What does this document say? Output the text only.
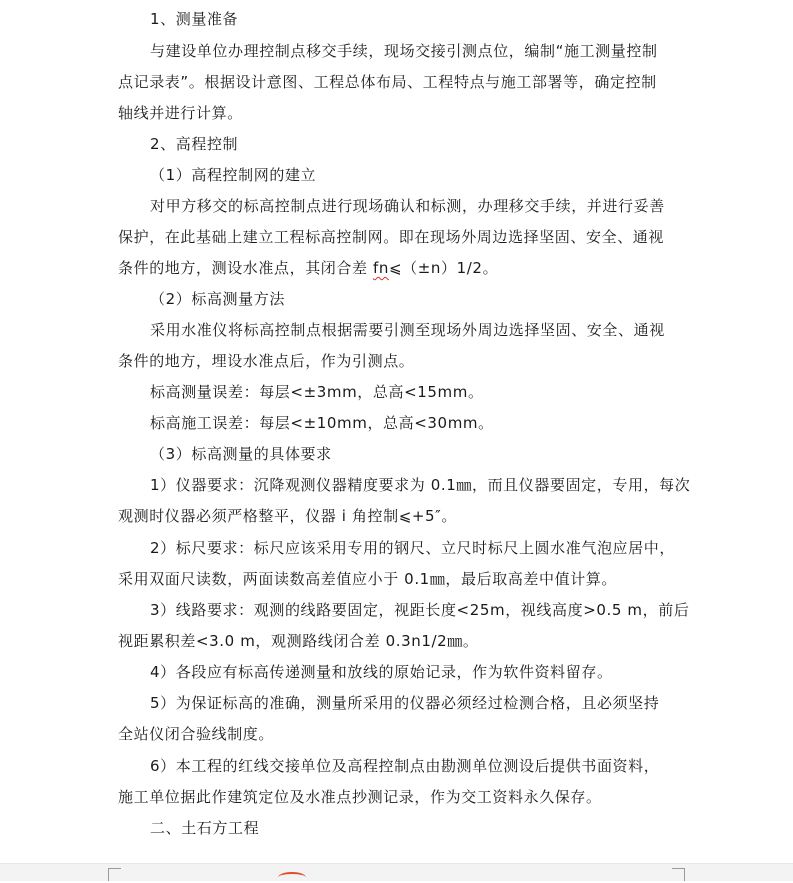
1、测量准备
与建设单位办理控制点移交手续，现场交接引测点位，编制“施工测量控制
点记录表”。根据设计意图、工程总体布局、工程特点与施工部署等，确定控制
轴线并进行计算。
2、高程控制
（1）高程控制网的建立
对甲方移交的标高控制点进行现场确认和标测，办理移交手续，并进行妥善
保护，在此基础上建立工程标高控制网。即在现场外周边选择坚固、安全、通视
条件的地方，测设水准点，其闭合差 fn⩽（±n）1/2。
（2）标高测量方法
采用水准仪将标高控制点根据需要引测至现场外周边选择坚固、安全、通视
条件的地方，埋设水准点后，作为引测点。
标高测量误差：每层<±3mm，总高<15mm。
标高施工误差：每层<±10mm，总高<30mm。
（3）标高测量的具体要求
1）仪器要求：沉降观测仪器精度要求为 0.1㎜，而且仪器要固定，专用，每次
观测时仪器必须严格整平，仪器 i 角控制⩽+5″。
2）标尺要求：标尺应该采用专用的钢尺、立尺时标尺上圆水准气泡应居中，
采用双面尺读数，两面读数高差值应小于 0.1㎜，最后取高差中值计算。
3）线路要求：观测的线路要固定，视距长度<25m，视线高度>0.5 m，前后
视距累积差<3.0 m，观测路线闭合差 0.3n1/2㎜。
4）各段应有标高传递测量和放线的原始记录，作为软件资料留存。
5）为保证标高的准确，测量所采用的仪器必须经过检测合格，且必须坚持
全站仪闭合验线制度。
6）本工程的红线交接单位及高程控制点由勘测单位测设后提供书面资料，
施工单位据此作建筑定位及水准点抄测记录，作为交工资料永久保存。
二、土石方工程
